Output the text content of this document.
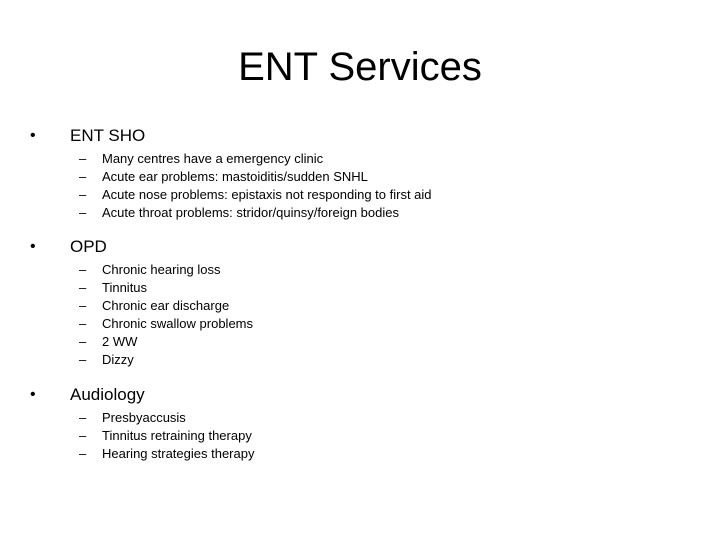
ENT Services
• ENT SHO
– Many centres have a emergency clinic
– Acute ear problems: mastoiditis/sudden SNHL
– Acute nose problems: epistaxis not responding to first aid
– Acute throat problems: stridor/quinsy/foreign bodies
• OPD
– Chronic hearing loss
– Tinnitus
– Chronic ear discharge
– Chronic swallow problems
– 2 WW
– Dizzy
• Audiology
– Presbyaccusis
– Tinnitus retraining therapy
– Hearing strategies therapy
